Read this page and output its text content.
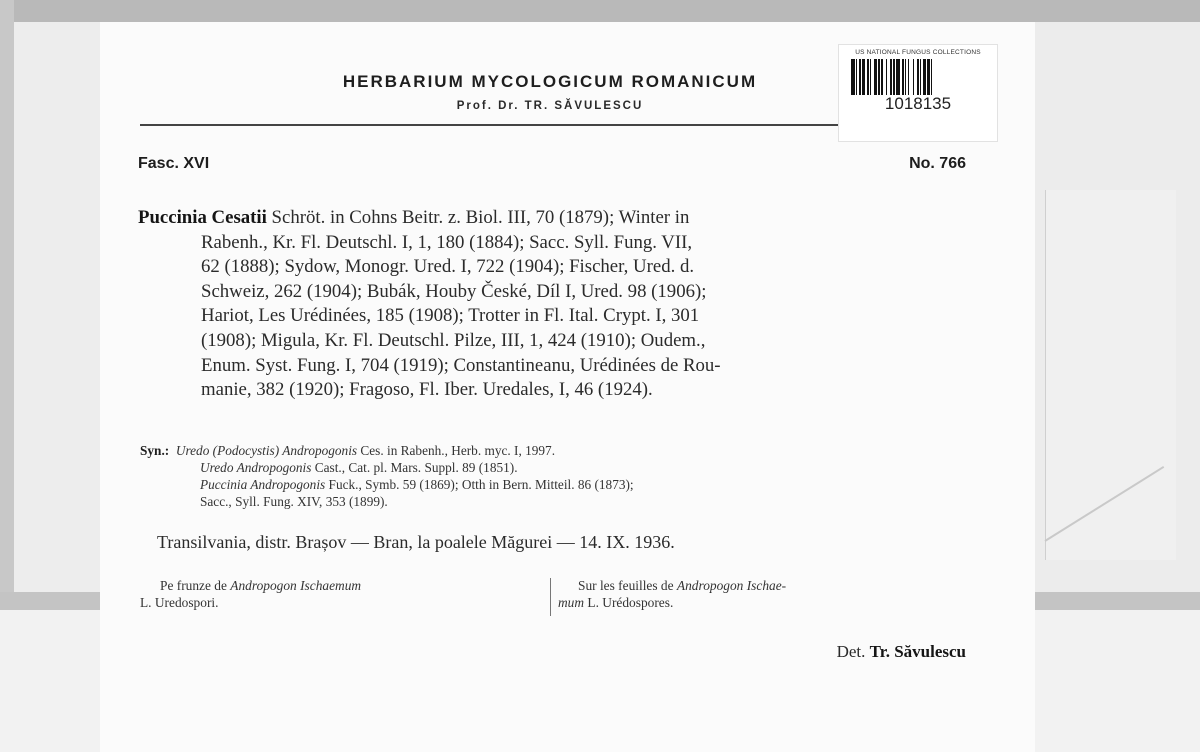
HERBARIUM MYCOLOGICUM ROMANICUM
Prof. Dr. TR. SĂVULESCU
US NATIONAL FUNGUS COLLECTIONS
1018135
Fasc. XVI	No. 766
Puccinia Cesatii Schröt. in Cohns Beitr. z. Biol. III, 70 (1879); Winter in
Rabenh., Kr. Fl. Deutschl. I, 1, 180 (1884); Sacc. Syll. Fung. VII,
62 (1888); Sydow, Monogr. Ured. I, 722 (1904); Fischer, Ured. d.
Schweiz, 262 (1904); Bubák, Houby České, Díl I, Ured. 98 (1906);
Hariot, Les Urédinées, 185 (1908); Trotter in Fl. Ital. Crypt. I, 301
(1908); Migula, Kr. Fl. Deutschl. Pilze, III, 1, 424 (1910); Oudem.,
Enum. Syst. Fung. I, 704 (1919); Constantineanu, Urédinées de Rou-
manie, 382 (1920); Fragoso, Fl. Iber. Uredales, I, 46 (1924).
Syn.: Uredo (Podocystis) Andropogonis Ces. in Rabenh., Herb. myc. I, 1997.
Uredo Andropogonis Cast., Cat. pl. Mars. Suppl. 89 (1851).
Puccinia Andropogonis Fuck., Symb. 59 (1869); Otth in Bern. Mitteil. 86 (1873);
Sacc., Syll. Fung. XIV, 353 (1899).
Transilvania, distr. Brașov — Bran, la poalele Măgurei — 14. IX. 1936.
Pe frunze de Andropogon Ischaemum
L. Uredospori.
Sur les feuilles de Andropogon Ischae-
mum L. Urédospores.
Det. Tr. Săvulescu
